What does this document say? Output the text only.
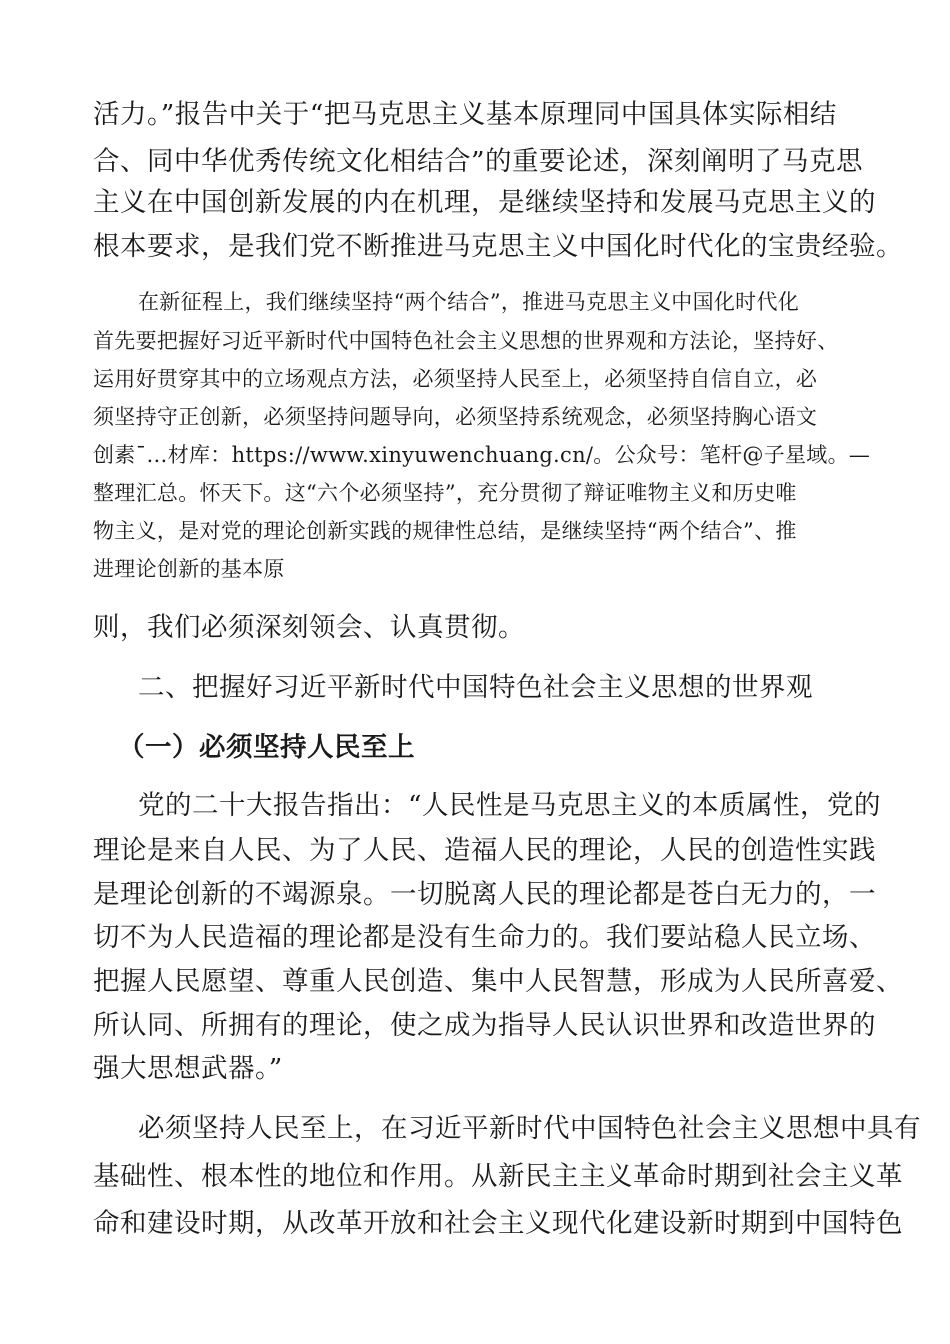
活力。”报告中关于“把马克思主义基本原理同中国具体实际相结
合、同中华优秀传统文化相结合”的重要论述，深刻阐明了马克思
主义在中国创新发展的内在机理，是继续坚持和发展马克思主义的
根本要求，是我们党不断推进马克思主义中国化时代化的宝贵经验。
在新征程上，我们继续坚持“两个结合”，推进马克思主义中国化时代化
首先要把握好习近平新时代中国特色社会主义思想的世界观和方法论，坚持好、
运用好贯穿其中的立场观点方法，必须坚持人民至上，必须坚持自信自立，必
须坚持守正创新，必须坚持问题导向，必须坚持系统观念，必须坚持胸心语文
创素¯…材库：https://www.xinyuwenchuang.cn/。公众号：笔杆@子星域。—
整理汇总。怀天下。这“六个必须坚持”，充分贯彻了辩证唯物主义和历史唯
物主义，是对党的理论创新实践的规律性总结，是继续坚持“两个结合”、推
进理论创新的基本原
则，我们必须深刻领会、认真贯彻。
二、把握好习近平新时代中国特色社会主义思想的世界观
（一）必须坚持人民至上
党的二十大报告指出：“人民性是马克思主义的本质属性，党的
理论是来自人民、为了人民、造福人民的理论，人民的创造性实践
是理论创新的不竭源泉。一切脱离人民的理论都是苍白无力的，一
切不为人民造福的理论都是没有生命力的。我们要站稳人民立场、
把握人民愿望、尊重人民创造、集中人民智慧，形成为人民所喜爱、
所认同、所拥有的理论，使之成为指导人民认识世界和改造世界的
强大思想武器。”
必须坚持人民至上，在习近平新时代中国特色社会主义思想中具有
基础性、根本性的地位和作用。从新民主主义革命时期到社会主义革
命和建设时期，从改革开放和社会主义现代化建设新时期到中国特色
